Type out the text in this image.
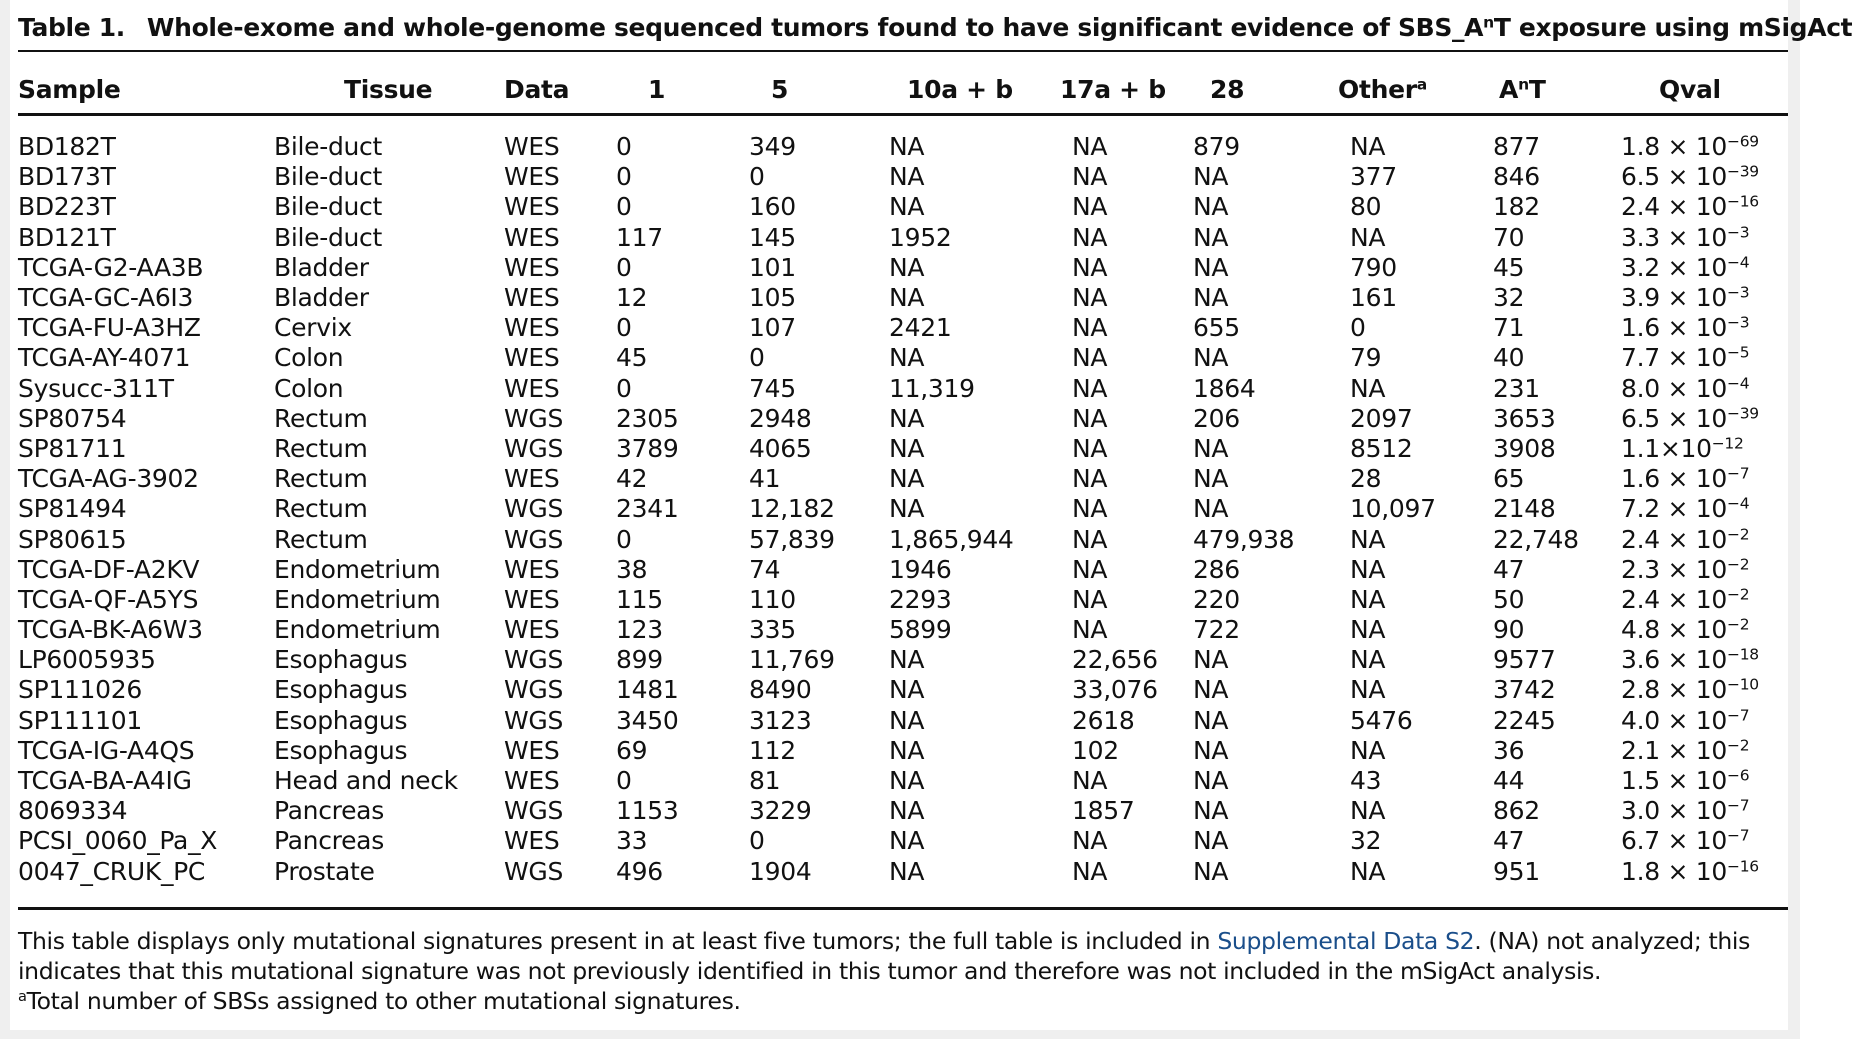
Table 1. Whole-exome and whole-genome sequenced tumors found to have significant evidence of $SBS\_A^nT$ exposure using mSigAct
Sample	Tissue	Data	1	5	10a + b	17a + b	28	Other$^a$	$A^nT$	Qval

BD182T	Bile-duct	WES	0	349	NA	NA	879	NA	877	$1.8 \times 10^{-69}$
BD173T	Bile-duct	WES	0	0	NA	NA	NA	377	846	$6.5 \times 10^{-39}$
BD223T	Bile-duct	WES	0	160	NA	NA	NA	80	182	$2.4 \times 10^{-16}$
BD121T	Bile-duct	WES	117	145	1952	NA	NA	NA	70	$3.3 \times 10^{-3}$
TCGA-G2-AA3B	Bladder	WES	0	101	NA	NA	NA	790	45	$3.2 \times 10^{-4}$
TCGA-GC-A6I3	Bladder	WES	12	105	NA	NA	NA	161	32	$3.9 \times 10^{-3}$
TCGA-FU-A3HZ	Cervix	WES	0	107	2421	NA	655	0	71	$1.6 \times 10^{-3}$
TCGA-AY-4071	Colon	WES	45	0	NA	NA	NA	79	40	$7.7 \times 10^{-5}$
Sysucc-311T	Colon	WES	0	745	11,319	NA	1864	NA	231	$8.0 \times 10^{-4}$
SP80754	Rectum	WGS	2305	2948	NA	NA	206	2097	3653	$6.5 \times 10^{-39}$
SP81711	Rectum	WGS	3789	4065	NA	NA	NA	8512	3908	$1.1\times 10^{-12}$
TCGA-AG-3902	Rectum	WES	42	41	NA	NA	NA	28	65	$1.6 \times 10^{-7}$
SP81494	Rectum	WGS	2341	12,182	NA	NA	NA	10,097	2148	$7.2 \times 10^{-4}$
SP80615	Rectum	WGS	0	57,839	1,865,944	NA	479,938	NA	22,748	$2.4 \times 10^{-2}$
TCGA-DF-A2KV	Endometrium	WES	38	74	1946	NA	286	NA	47	$2.3 \times 10^{-2}$
TCGA-QF-A5YS	Endometrium	WES	115	110	2293	NA	220	NA	50	$2.4 \times 10^{-2}$
TCGA-BK-A6W3	Endometrium	WES	123	335	5899	NA	722	NA	90	$4.8 \times 10^{-2}$
LP6005935	Esophagus	WGS	899	11,769	NA	22,656	NA	NA	9577	$3.6 \times 10^{-18}$
SP111026	Esophagus	WGS	1481	8490	NA	33,076	NA	NA	3742	$2.8 \times 10^{-10}$
SP111101	Esophagus	WGS	3450	3123	NA	2618	NA	5476	2245	$4.0 \times 10^{-7}$
TCGA-IG-A4QS	Esophagus	WES	69	112	NA	102	NA	NA	36	$2.1 \times 10^{-2}$
TCGA-BA-A4IG	Head and neck	WES	0	81	NA	NA	NA	43	44	$1.5 \times 10^{-6}$
8069334	Pancreas	WGS	1153	3229	NA	1857	NA	NA	862	$3.0 \times 10^{-7}$
PCSI_0060_Pa_X	Pancreas	WES	33	0	NA	NA	NA	32	47	$6.7 \times 10^{-7}$
0047_CRUK_PC	Prostate	WGS	496	1904	NA	NA	NA	NA	951	$1.8 \times 10^{-16}$
This table displays only mutational signatures present in at least five tumors; the full table is included in Supplemental Data S2. (NA) not analyzed; this
indicates that this mutational signature was not previously identified in this tumor and therefore was not included in the mSigAct analysis.
$^a$Total number of SBSs assigned to other mutational signatures.
